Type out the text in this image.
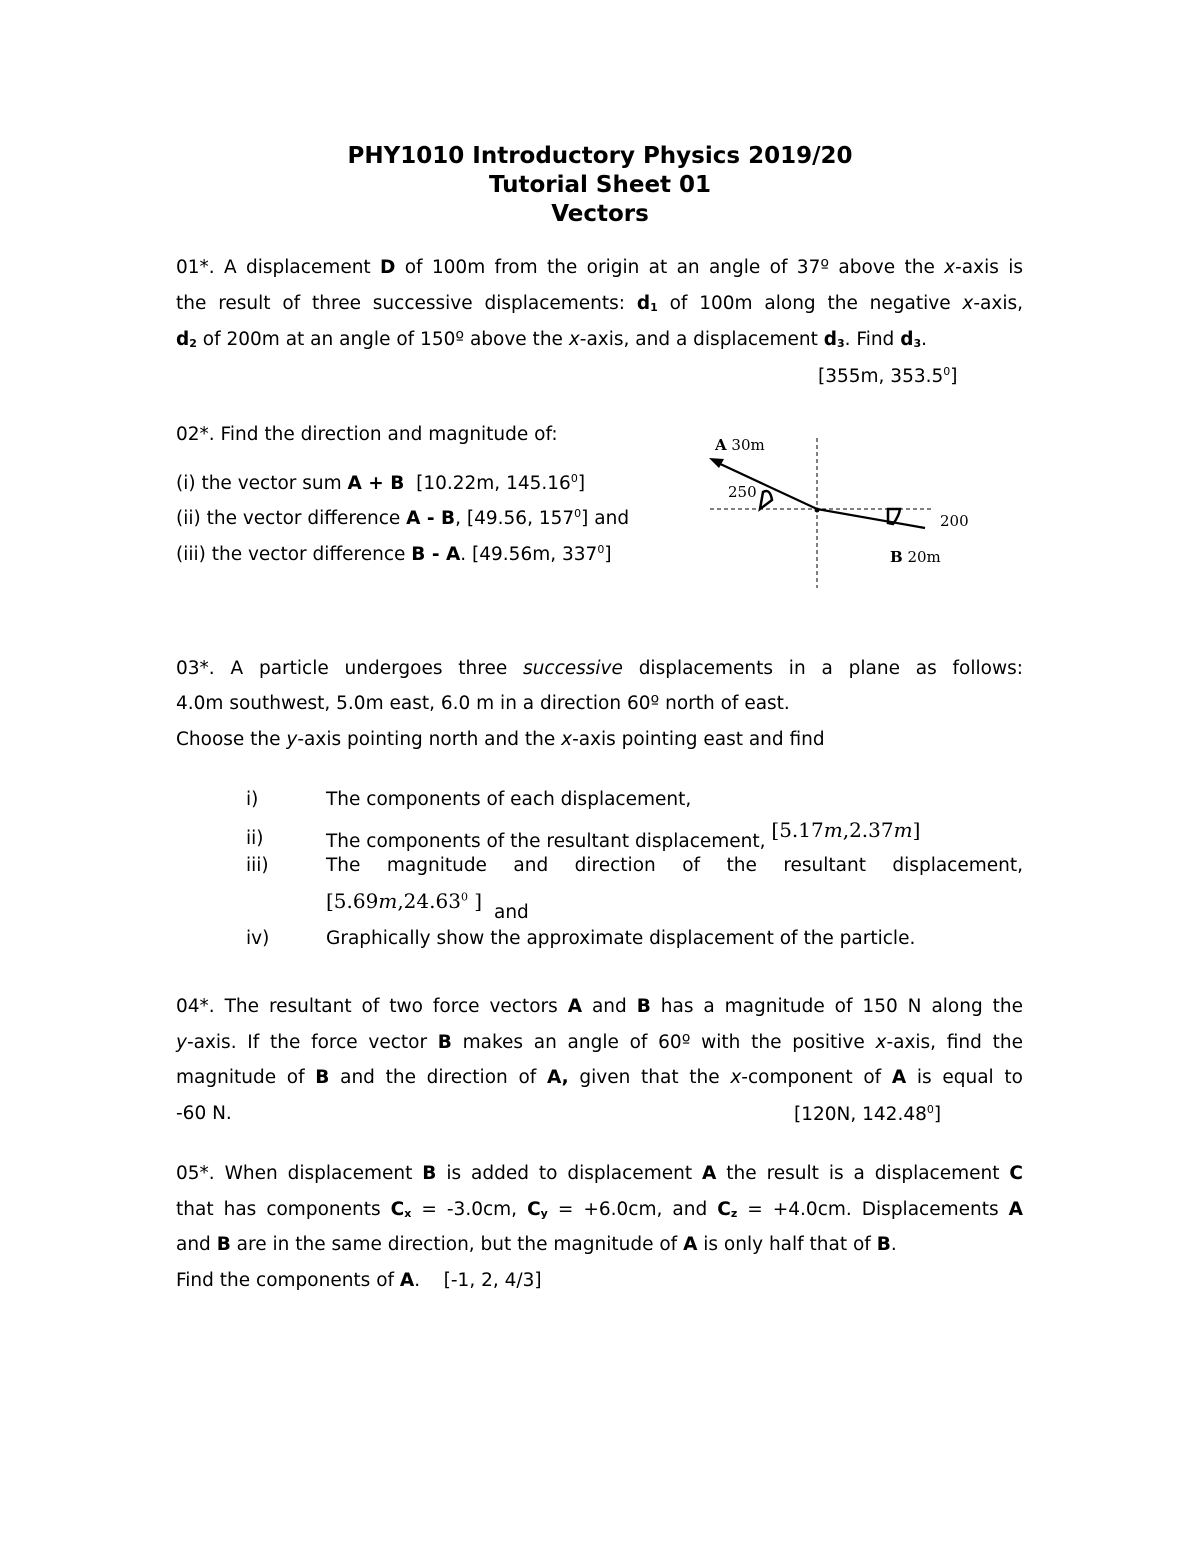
PHY1010 Introductory Physics 2019/20
Tutorial Sheet 01
Vectors
01*. A displacement D of 100m from the origin at an angle of 37º above the x-axis is
the result of three successive displacements: $d_1$ of 100m along the negative x-axis,
$d_2$ of 200m at an angle of 150º above the x-axis, and a displacement $d_3$. Find $d_3$.
[355m, 353.5$^0$]
02*. Find the direction and magnitude of:
(i) the vector sum A + B  [10.22m, 145.16$^0$]
(ii) the vector difference A - B, [49.56, $157^0$] and
(iii) the vector difference B - A. [49.56m, $337^0$]
A 30m
250
200
B 20m
03*. A particle undergoes three successive displacements in a plane as follows:
4.0m southwest, 5.0m east, 6.0 m in a direction 60º north of east.
Choose the y-axis pointing north and the x-axis pointing east and find
i)	The components of each displacement,
ii)	The components of the resultant displacement, [5.17m,2.37m]
iii)	The magnitude and direction of the resultant displacement,
[5.69m,24.63$^0$ ] and
iv)	Graphically show the approximate displacement of the particle.
04*. The resultant of two force vectors A and B has a magnitude of 150 N along the
y-axis. If the force vector B makes an angle of 60º with the positive x-axis, find the
magnitude of B and the direction of A, given that the x-component of A is equal to
-60 N.	[120N, 142.48$^0$]
05*. When displacement B is added to displacement A the result is a displacement C
that has components $C_x = -3.0cm$, $C_y = +6.0cm$, and $C_z = +4.0cm$. Displacements A
and B are in the same direction, but the magnitude of A is only half that of B.
Find the components of A.    [-1, 2, 4/3]
